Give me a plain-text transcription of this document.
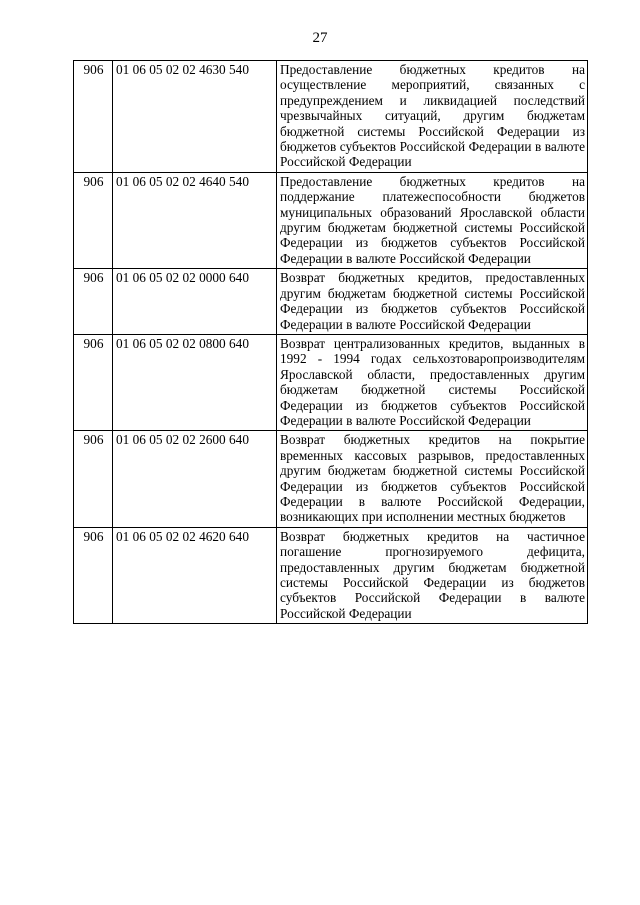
27
906	01 06 05 02 02 4630 540	Предоставление бюджетных кредитов на осуществление мероприятий, связанных с предупреждением и ликвидацией последствий чрезвычайных ситуаций, другим бюджетам бюджетной системы Российской Федерации из бюджетов субъектов Российской Федерации в валюте Российской Федерации
906	01 06 05 02 02 4640 540	Предоставление бюджетных кредитов на поддержание платежеспособности бюджетов муниципальных образований Ярославской области другим бюджетам бюджетной системы Российской Федерации из бюджетов субъектов Российской Федерации в валюте Российской Федерации
906	01 06 05 02 02 0000 640	Возврат бюджетных кредитов, предоставленных другим бюджетам бюджетной системы Российской Федерации из бюджетов субъектов Российской Федерации в валюте Российской Федерации
906	01 06 05 02 02 0800 640	Возврат централизованных кредитов, выданных в 1992 - 1994 годах сельхозтоваропроизводителям Ярославской области, предоставленных другим бюджетам бюджетной системы Российской Федерации из бюджетов субъектов Российской Федерации в валюте Российской Федерации
906	01 06 05 02 02 2600 640	Возврат бюджетных кредитов на покрытие временных кассовых разрывов, предоставленных другим бюджетам бюджетной системы Российской Федерации из бюджетов субъектов Российской Федерации в валюте Российской Федерации, возникающих при исполнении местных бюджетов
906	01 06 05 02 02 4620 640	Возврат бюджетных кредитов на частичное погашение прогнозируемого дефицита, предоставленных другим бюджетам бюджетной системы Российской Федерации из бюджетов субъектов Российской Федерации в валюте Российской Федерации
